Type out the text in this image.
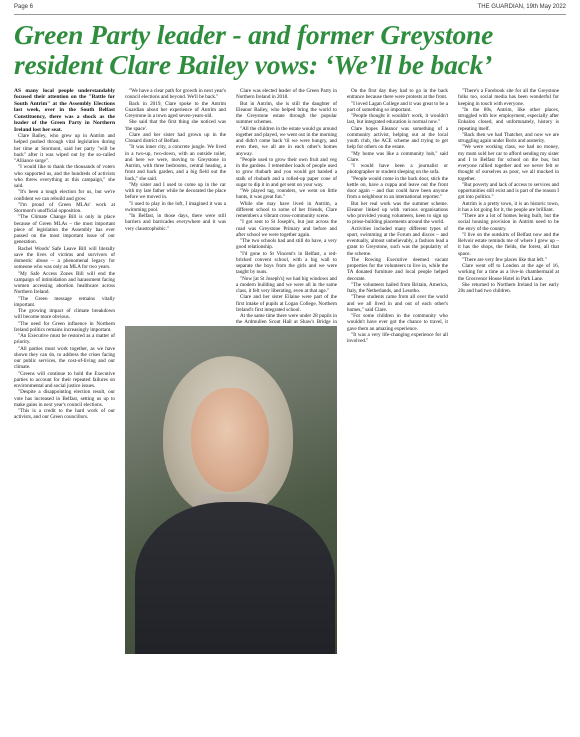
Page 6	THE GUARDIAN, 19th May 2022
Green Party leader - and former Greystone resident Clare Bailey vows: ‘We’ll be back’

AS many local people understandably focused their attention on the "Battle for South Antrim" at the Assembly Elections last week, over in the South Belfast Constituency, there was a shock as the leader of the Green Party in Northern Ireland lost her seat.

Clare Bailey, who grew up in Antrim and helped pushed through vital legislation during her time at Stormont, said her party "will be back" after it was wiped out by the so-called "Alliance surge".

"I would like to thank the thousands of voters who supported us, and the hundreds of activists who threw everything at this campaign," she said.

"It's been a tough election for us, but we're confident we can rebuild and grow.

"I'm proud of Green MLAs' work at Stormont's unofficial opposition.

"The Climate Change Bill is only in place because of Green MLAs – the most important piece of legislation the Assembly has ever passed on the most important issue of our generation.

Rachel Woods' Safe Leave Bill will literally save the lives of victims and survivors of domestic abuse – a phenomenal legacy for someone who was only an MLA for two years.

"My Safe Access Zones Bill will end the campaign of intimidation and harassment facing women accessing abortion healthcare across Northern Ireland.

"The Green message remains vitally important.

The growing impact of climate breakdown will become more obvious.

"The need for Green influence in Northern Ireland politics remains increasingly important.

"An Executive must be restored as a matter of priority.

"All parties must work together, as we have shown they can do, to address the crises facing our public services, the cost-of-living and our climate.

"Greens will continue to hold the Executive parties to account for their repeated failures on environmental and social justice issues.

"Despite a disappointing election result, our vote has increased in Belfast, setting us up to make gains in next year's council elections.

"This is a credit to the hard work of our activists, and our Green councillors.

"We have a clear path for growth in next year's council elections and beyond. We'll be back."

Back in 2019, Clare spoke to the Antrim Guardian about her experience of Antrim and Greystone in a town aged seven-years-old.

She said that the first thing she noticed was 'the space'.

Clare and her sister had grown up in the Clonard district of Belfast.

"It was inner city, a concrete jungle. We lived in a two-up, two-down, with an outside toilet, and here we were, moving to Greystone in Antrim, with three bedrooms, central heating, a front and back garden, and a big field out the back," she said.

"My sister and I used to come up in the car with my late father while he decorated the place before we moved in.

"I used to play in the loft, I imagined it was a swimming pool.

"In Belfast, in those days, there were still barriers and barricades everywhere and it was very claustrophobic."

Clare was elected leader of the Green Party in Northern Ireland in 2018.

But in Antrim, she is still the daughter of Eleanor Bailey, who helped bring the world to the Greystone estate through the popular summer schemes.

"All the children in the estate would go around together and played, we went out in the morning and didn't come back 'til we were hungry, and even then, we all ate in each other's homes anyway.

"People used to grow their own fruit and veg in the gardens. I remember loads of people used to grow rhubarb and you would get handed a stalk of rhubarb and a rolled-up paper cone of sugar to dip it in and get sent on your way.

"We played tag, rounders, we went on little hunts, it was great fun."

While she may have lived in Antrim, a different school to some of her friends, Clare remembers a vibrant cross-community scene.

"I got sent to St Joseph's, but just across the road was Greystone Primary and before and after school we were together again.

"The two schools had and still do have, a very good relationship.

"I'd gone to St Vincent's in Belfast, a red-bricked convent school, with a big wall to separate the boys from the girls and we were taught by nuns.

"Now [at St Joseph's] we had big windows and a modern building and we were all in the same class, it felt very liberating, even at that age."

Clare and her sister Eilaine were part of the first intake of pupils at Logan College, Northern Ireland's first integrated school.

At the same time there were under 28 pupils in the Ardmullen Scout Hall at Shaw's Bridge in

On the first day they had to go in the back entrance because there were protests at the front.

"I loved Lagan College and it was great to be a part of something so important.

"People thought it wouldn't work, it wouldn't last, but integrated education is normal now."

Clare hopes Eleanor was something of a community activist, helping out at the local youth club, the ACE scheme and trying to get help for others on the estate.

"My home was like a community hub," said Clare.

"I would have been a journalist or photographer or student sleeping on the sofa.

"People would come in the back door, stick the kettle on, have a cuppa and leave out the front door again – and that could have been anyone from a neighbour to an international reporter."

But her real work was the summer scheme. Eleanor linked up with various organisations who provided young volunteers, keen to sign up to prose-building placements around the world.

Activities included many different types of sport, swimming at the Forum and discos – and eventually, almost unbelievably, a fashion lead a grant to Greystone, such was the popularity of the scheme.

The Rowing Executive deemed vacant properties for the volunteers to live in, while the TA donated furniture and local people helped decorate.

"The volunteers hailed from Britain, America, Italy, the Netherlands, and Lesotho.

"These students came from all over the world and we all lived in and out of each other's homes," said Clare.

"For some children in the community who wouldn't have ever got the chance to travel, it gave them an amazing experience.

"It was a very life-changing experience for all involved."

"There's a Facebook site for all the Greystone folks too, social media has been wonderful for keeping in touch with everyone.

"In the 80s, Antrim, like other places, struggled with low employment, especially after Enkalon closed, and unfortunately, history is repeating itself.

"Back then we had Thatcher, and now we are struggling again under Boris and austerity.

"We were working class, we had no money, my mum sold her car to afford sending my sister and I to Belfast for school on the bus, but everyone rallied together and we never felt or thought of ourselves as poor, we all mucked in together.

"But poverty and lack of access to services and opportunities still exist and is part of the reason I got into politics."

Antrim is a pretty town, it is an historic town, it has a lot going for it, the people are brilliant.

"There are a lot of homes being built, but the social housing provision in Antrim need to be the envy of the country.

"I live on the outskirts of Belfast now and the Belvoir estate reminds me of where I grew up – it has the shops, the fields, the forest, all that space.

"There are very few places like that left."

Clare went off to London at the age of 16, working for a time as a live-in chambermaid at the Grosvenor House Hotel in Park Lane.

She returned to Northern Ireland in her early 20s and had two children.
